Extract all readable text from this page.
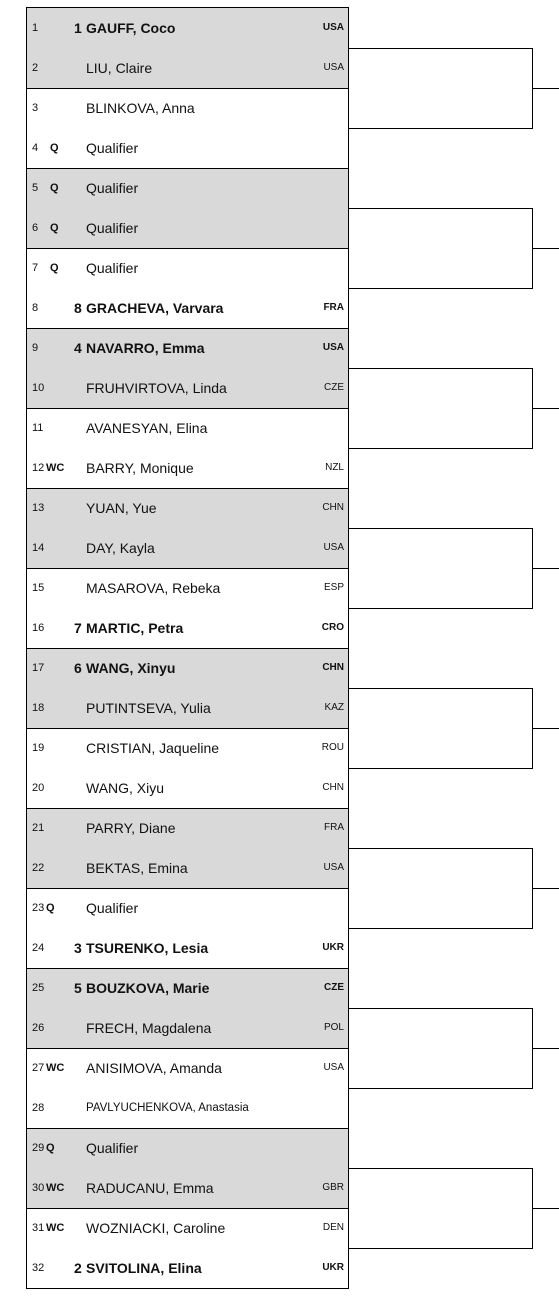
1	1 GAUFF, Coco	USA
2	LIU, Claire	USA
3	BLINKOVA, Anna
4 Q Qualifier
5 Q Qualifier
6 Q Qualifier
7 Q Qualifier
8	8 GRACHEVA, Varvara	FRA
9	4 NAVARRO, Emma	USA
10	FRUHVIRTOVA, Linda	CZE
11	AVANESYAN, Elina
12 WC BARRY, Monique	NZL
13	YUAN, Yue	CHN
14	DAY, Kayla	USA
15	MASAROVA, Rebeka	ESP
16 7 MARTIC, Petra	CRO
17 6 WANG, Xinyu	CHN
18	PUTINTSEVA, Yulia	KAZ
19	CRISTIAN, Jaqueline	ROU
20	WANG, Xiyu	CHN
21	PARRY, Diane	FRA
22	BEKTAS, Emina	USA
23 Q Qualifier
24 3 TSURENKO, Lesia	UKR
25 5 BOUZKOVA, Marie	CZE
26	FRECH, Magdalena	POL
27 WC ANISIMOVA, Amanda	USA
28	PAVLYUCHENKOVA, Anastasia
29 Q Qualifier
30 WC RADUCANU, Emma	GBR
31 WC WOZNIACKI, Caroline	DEN
32 2 SVITOLINA, Elina	UKR
